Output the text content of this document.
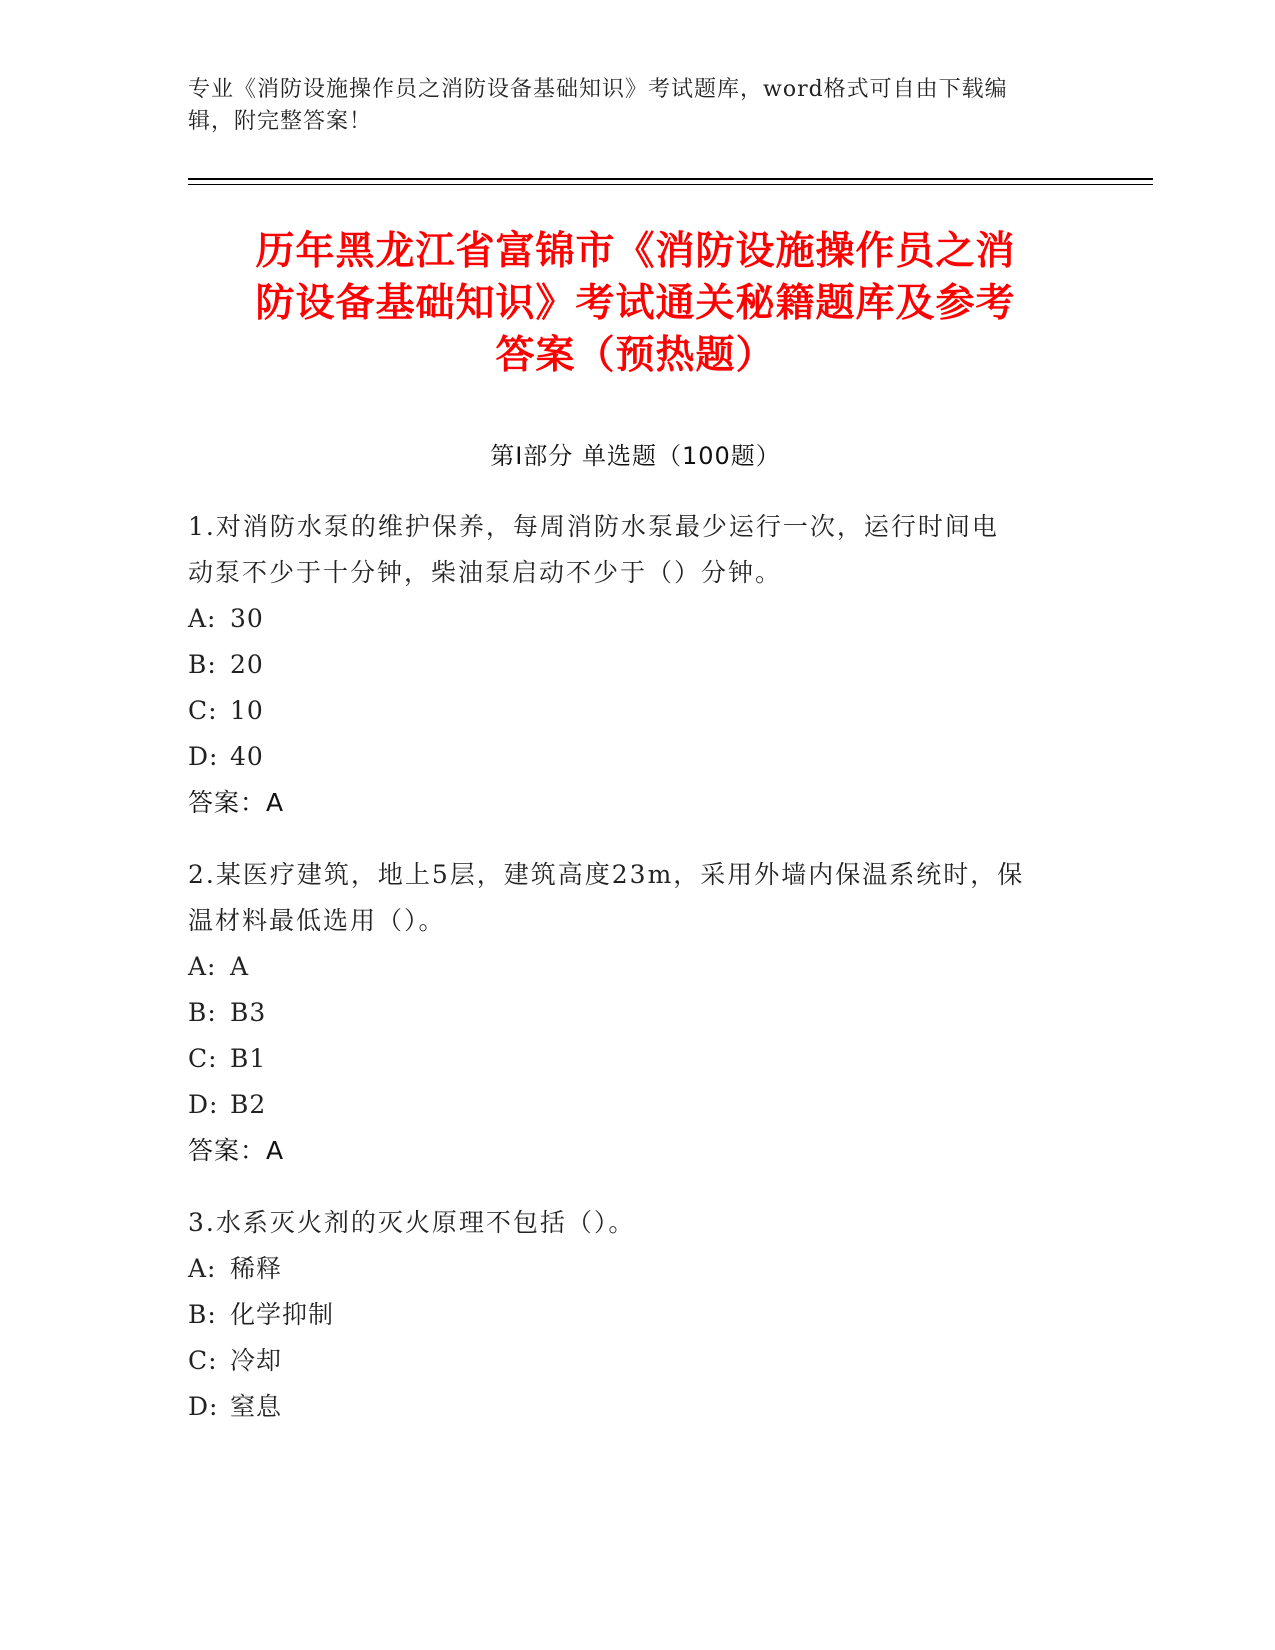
专业《消防设施操作员之消防设备基础知识》考试题库，word格式可自由下载编
辑，附完整答案！
历年黑龙江省富锦市《消防设施操作员之消
防设备基础知识》考试通关秘籍题库及参考
答案（预热题）
第Ⅰ部分 单选题（100题）
1.对消防水泵的维护保养，每周消防水泵最少运行一次，运行时间电
动泵不少于十分钟，柴油泵启动不少于（）分钟。
A: 30
B: 20
C: 10
D: 40
答案：A
2.某医疗建筑，地上5层，建筑高度23m，采用外墙内保温系统时，保
温材料最低选用（）。
A: A
B: B3
C: B1
D: B2
答案：A
3.水系灭火剂的灭火原理不包括（）。
A: 稀释
B: 化学抑制
C: 冷却
D: 窒息
